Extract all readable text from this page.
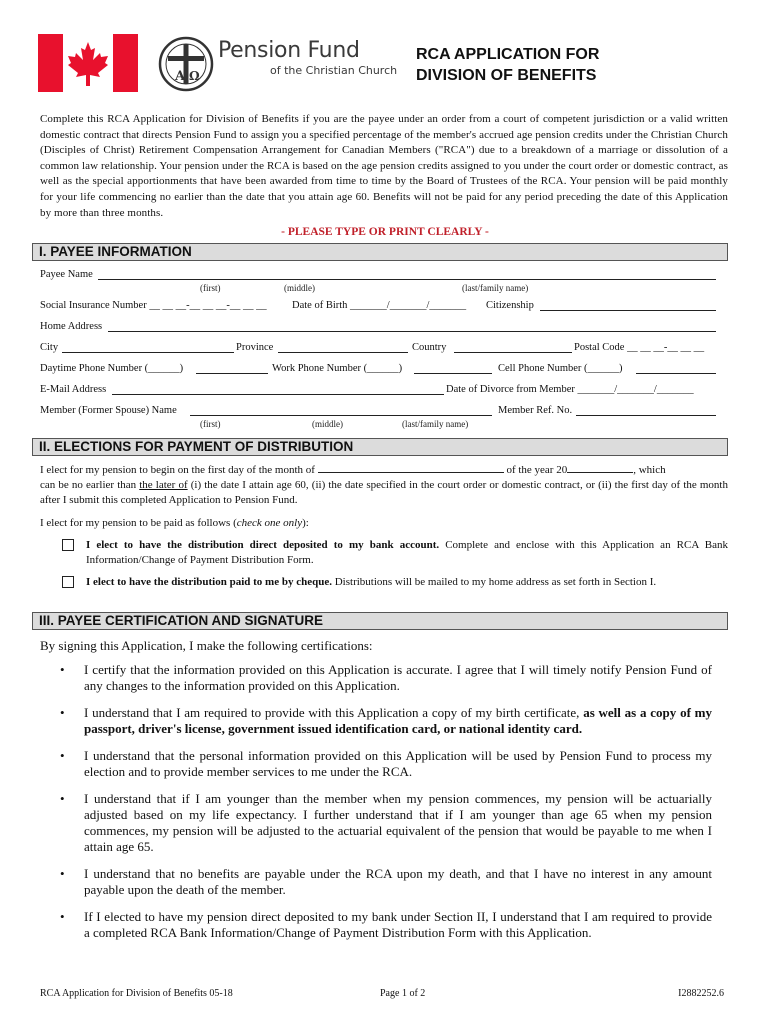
A Ω
Pension Fund
of the Christian Church
RCA APPLICATION FOR
DIVISION OF BENEFITS
Complete this RCA Application for Division of Benefits if you are the payee under an order from a court of competent jurisdiction or a valid written domestic contract that directs Pension Fund to assign you a specified percentage of the member's accrued age pension credits under the Christian Church (Disciples of Christ) Retirement Compensation Arrangement for Canadian Members ("RCA") due to a breakdown of a marriage or dissolution of a common law relationship. Your pension under the RCA is based on the age pension credits assigned to you under the court order or domestic contract, as well as the special apportionments that have been awarded from time to time by the Board of Trustees of the RCA. Your pension will be paid monthly for your life commencing no earlier than the date that you attain age 60. Benefits will not be paid for any period preceding the date of this Application by more than three months.
- PLEASE TYPE OR PRINT CLEARLY -
I. PAYEE INFORMATION
Payee Name
(first)	(middle)	(last/family name)
Social Insurance Number __ __ __-__ __ __-__ __ __ Date of Birth _______/_______/_______ Citizenship
Home Address
City	Province	Country	Postal Code __ __ __-__ __ __
Daytime Phone Number (______)	Work Phone Number (______)	Cell Phone Number (______)
E-Mail Address	Date of Divorce from Member _______/_______/_______
Member (Former Spouse) Name	Member Ref. No.
(first)	(middle)	(last/family name)
II. ELECTIONS FOR PAYMENT OF DISTRIBUTION
I elect for my pension to begin on the first day of the month of	of the year 20	, which
can be no earlier than the later of (i) the date I attain age 60, (ii) the date specified in the court order or domestic contract, or (ii) the first day of the month after I submit this completed Application to Pension Fund.
I elect for my pension to be paid as follows (check one only):
I elect to have the distribution direct deposited to my bank account. Complete and enclose with this Application an RCA Bank Information/Change of Payment Distribution Form.
I elect to have the distribution paid to me by cheque. Distributions will be mailed to my home address as set forth in Section I.
III. PAYEE CERTIFICATION AND SIGNATURE
By signing this Application, I make the following certifications:
• I certify that the information provided on this Application is accurate. I agree that I will timely notify Pension Fund of any changes to the information provided on this Application.
• I understand that I am required to provide with this Application a copy of my birth certificate, as well as a copy of my passport, driver's license, government issued identification card, or national identity card.
• I understand that the personal information provided on this Application will be used by Pension Fund to process my election and to provide member services to me under the RCA.
• I understand that if I am younger than the member when my pension commences, my pension will be actuarially adjusted based on my life expectancy. I further understand that if I am younger than age 65 when my pension commences, my pension will be adjusted to the actuarial equivalent of the pension that would be payable to me when I attain age 65.
• I understand that no benefits are payable under the RCA upon my death, and that I have no interest in any amount payable upon the death of the member.
• If I elected to have my pension direct deposited to my bank under Section II, I understand that I am required to provide a completed RCA Bank Information/Change of Payment Distribution Form with this Application.
RCA Application for Division of Benefits 05-18	Page 1 of 2	I2882252.6
